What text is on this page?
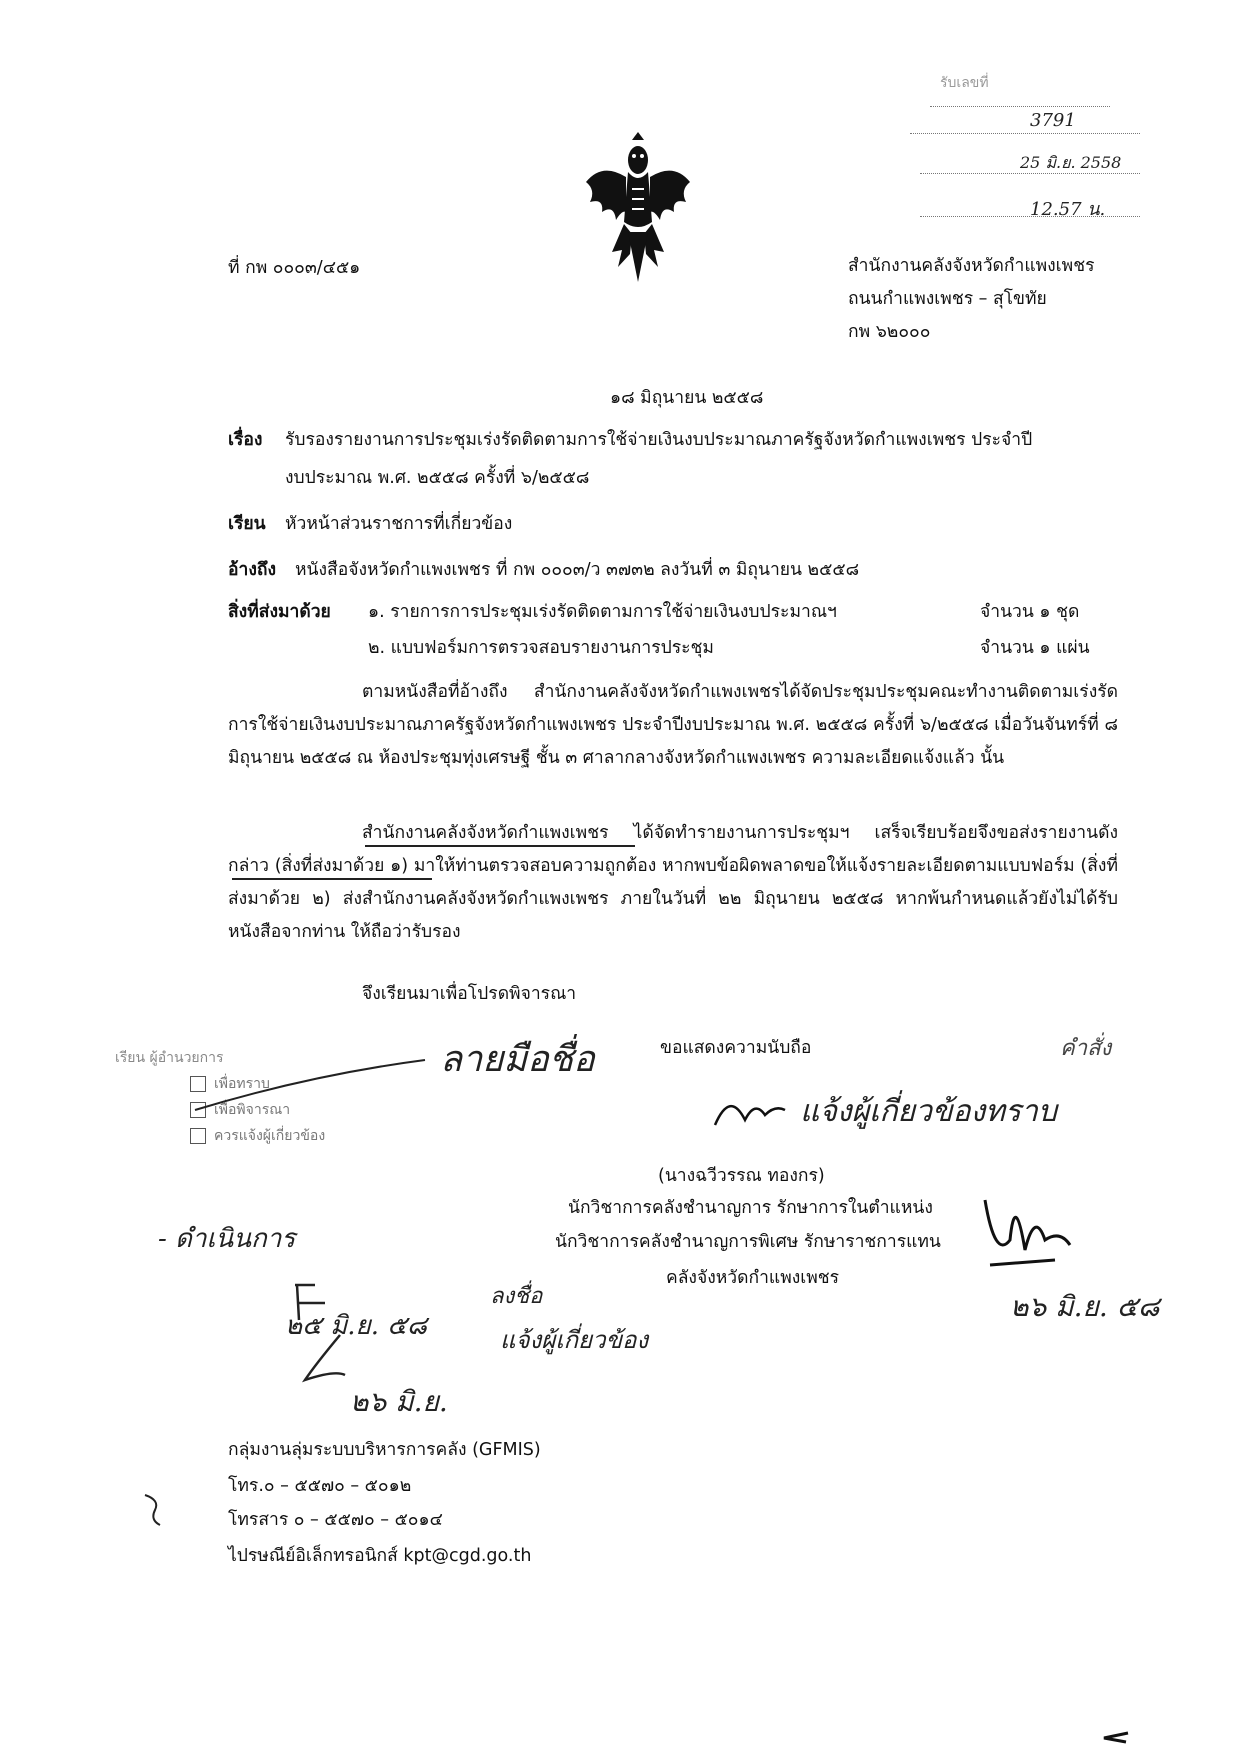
รับเลขที่
3791
25 มิ.ย. 2558
12.57 น.
ที่ กพ ๐๐๐๓/๔๕๑	สำนักงานคลังจังหวัดกำแพงเพชร
ถนนกำแพงเพชร – สุโขทัย
กพ ๖๒๐๐๐
๑๘ มิถุนายน ๒๕๕๘
เรื่อง รับรองรายงานการประชุมเร่งรัดติดตามการใช้จ่ายเงินงบประมาณภาครัฐจังหวัดกำแพงเพชร ประจำปี
งบประมาณ พ.ศ. ๒๕๕๘ ครั้งที่ ๖/๒๕๕๘
เรียน หัวหน้าส่วนราชการที่เกี่ยวข้อง
อ้างถึง หนังสือจังหวัดกำแพงเพชร ที่ กพ ๐๐๐๓/ว ๓๗๓๒ ลงวันที่ ๓ มิถุนายน ๒๕๕๘
สิ่งที่ส่งมาด้วย ๑. รายการการประชุมเร่งรัดติดตามการใช้จ่ายเงินงบประมาณฯ	จำนวน ๑ ชุด
๒. แบบฟอร์มการตรวจสอบรายงานการประชุม	จำนวน ๑ แผ่น
ตามหนังสือที่อ้างถึง สำนักงานคลังจังหวัดกำแพงเพชรได้จัดประชุมประชุมคณะทำงานติดตามเร่งรัดการใช้จ่ายเงินงบประมาณภาครัฐจังหวัดกำแพงเพชร ประจำปีงบประมาณ พ.ศ. ๒๕๕๘ ครั้งที่ ๖/๒๕๕๘ เมื่อวันจันทร์ที่ ๘ มิถุนายน ๒๕๕๘ ณ ห้องประชุมทุ่งเศรษฐี ชั้น ๓ ศาลากลางจังหวัดกำแพงเพชร ความละเอียดแจ้งแล้ว นั้น
สำนักงานคลังจังหวัดกำแพงเพชร ได้จัดทำรายงานการประชุมฯ เสร็จเรียบร้อยจึงขอส่งรายงานดังกล่าว (สิ่งที่ส่งมาด้วย ๑) มาให้ท่านตรวจสอบความถูกต้อง หากพบข้อผิดพลาดขอให้แจ้งรายละเอียดตามแบบฟอร์ม (สิ่งที่ส่งมาด้วย ๒) ส่งสำนักงานคลังจังหวัดกำแพงเพชร ภายในวันที่ ๒๒ มิถุนายน ๒๕๕๘ หากพ้นกำหนดแล้วยังไม่ได้รับหนังสือจากท่าน ให้ถือว่ารับรอง
จึงเรียนมาเพื่อโปรดพิจารณา
ขอแสดงความนับถือ
เรียน ผู้อำนวยการ
เพื่อทราบ
เพื่อพิจารณา
ควรแจ้งผู้เกี่ยวข้อง
ลายมือชื่อ	คำสั่ง
แจ้งผู้เกี่ยวข้องทราบ
(นางฉวีวรรณ ทองกร)
นักวิชาการคลังชำนาญการ รักษาการในตำแหน่ง
นักวิชาการคลังชำนาญการพิเศษ รักษาราชการแทน
คลังจังหวัดกำแพงเพชร
- ดำเนินการ
ลงชื่อ
แจ้งผู้เกี่ยวข้อง
๒๕ มิ.ย. ๕๘
๒๖ มิ.ย.
๒๖ มิ.ย. ๕๘
กลุ่มงานลุ่มระบบบริหารการคลัง (GFMIS)
โทร.๐ – ๕๕๗๐ – ๕๐๑๒
โทรสาร ๐ – ๕๕๗๐ – ๕๐๑๔
ไปรษณีย์อิเล็กทรอนิกส์ kpt@cgd.go.th
